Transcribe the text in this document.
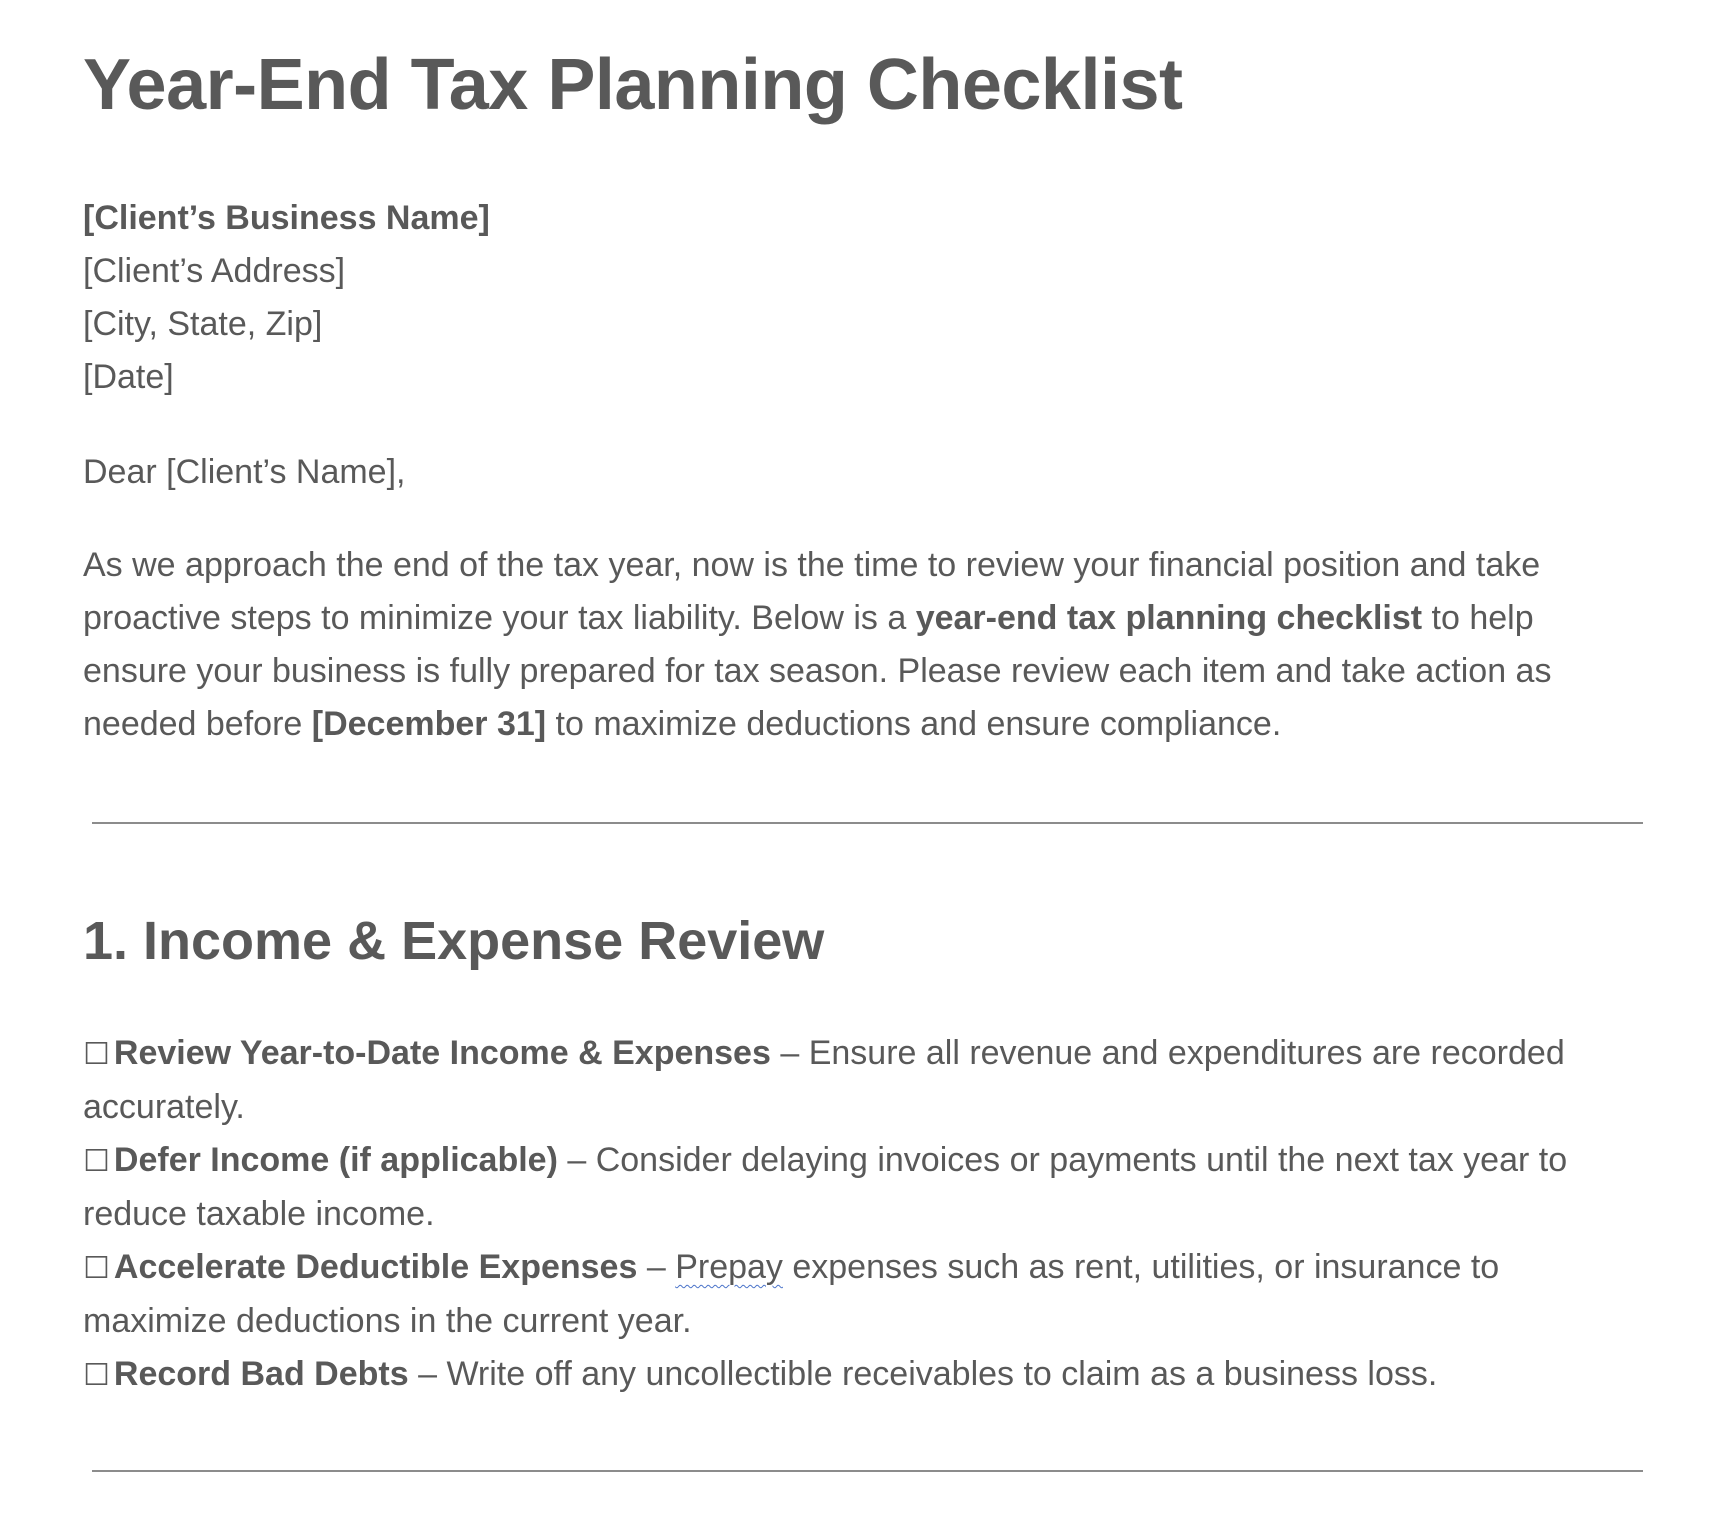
Year-End Tax Planning Checklist
[Client’s Business Name]
[Client’s Address]
[City, State, Zip]
[Date]
Dear [Client’s Name],

As we approach the end of the tax year, now is the time to review your financial position and take proactive steps to minimize your tax liability. Below is a year-end tax planning checklist to help ensure your business is fully prepared for tax season. Please review each item and take action as needed before [December 31] to maximize deductions and ensure compliance.

1. Income & Expense Review
☐ Review Year-to-Date Income & Expenses – Ensure all revenue and expenditures are recorded accurately.
☐ Defer Income (if applicable) – Consider delaying invoices or payments until the next tax year to reduce taxable income.
☐ Accelerate Deductible Expenses – Prepay expenses such as rent, utilities, or insurance to maximize deductions in the current year.
☐ Record Bad Debts – Write off any uncollectible receivables to claim as a business loss.
